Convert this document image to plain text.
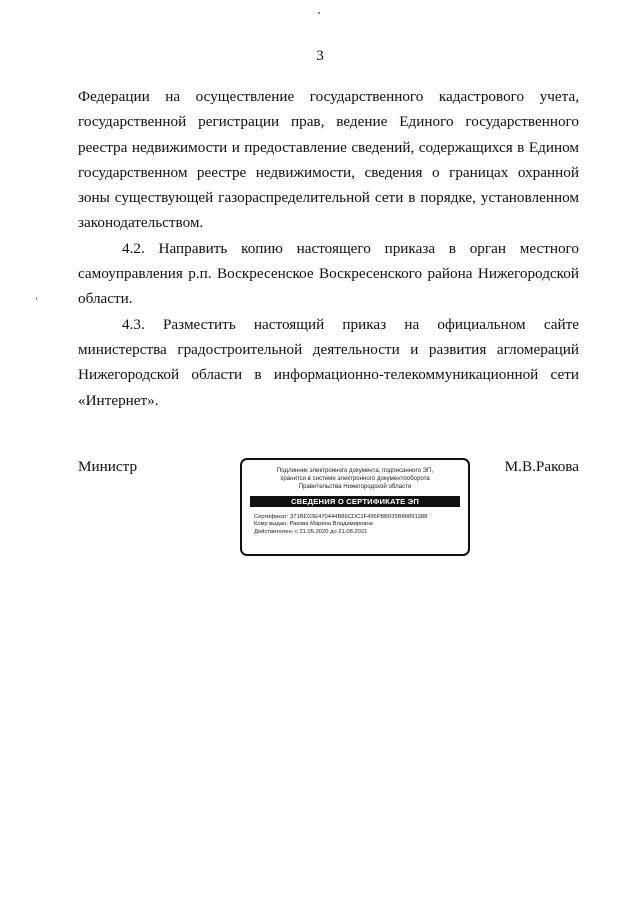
3

Федерации на осуществление государственного кадастрового учета, государственной регистрации прав, ведение Единого государственного реестра недвижимости и предоставление сведений, содержащихся в Едином государственном реестре недвижимости, сведения о границах охранной зоны существующей газораспределительной сети в порядке, установленном законодательством.

4.2. Направить копию настоящего приказа в орган местного самоуправления р.п. Воскресенское Воскресенского района Нижегородской области.

4.3. Разместить настоящий приказ на официальном сайте министерства градостроительной деятельности и развития агломераций Нижегородской области в информационно-телекоммуникационной сети «Интернет».

Министр	Подлинник электронного документа, подписанного ЭП,
хранится в системе электронного документооборота
Правительства Нижегородской области
СВЕДЕНИЯ О СЕРТИФИКАТЕ ЭП
Сертификат: 371BD23E470444B86CDC1F496FBB035B80891288
Кому выдан: Ракова Марина Владимировна
Действителен: с 21.05.2020 до 21.08.2021
М.В.Ракова
